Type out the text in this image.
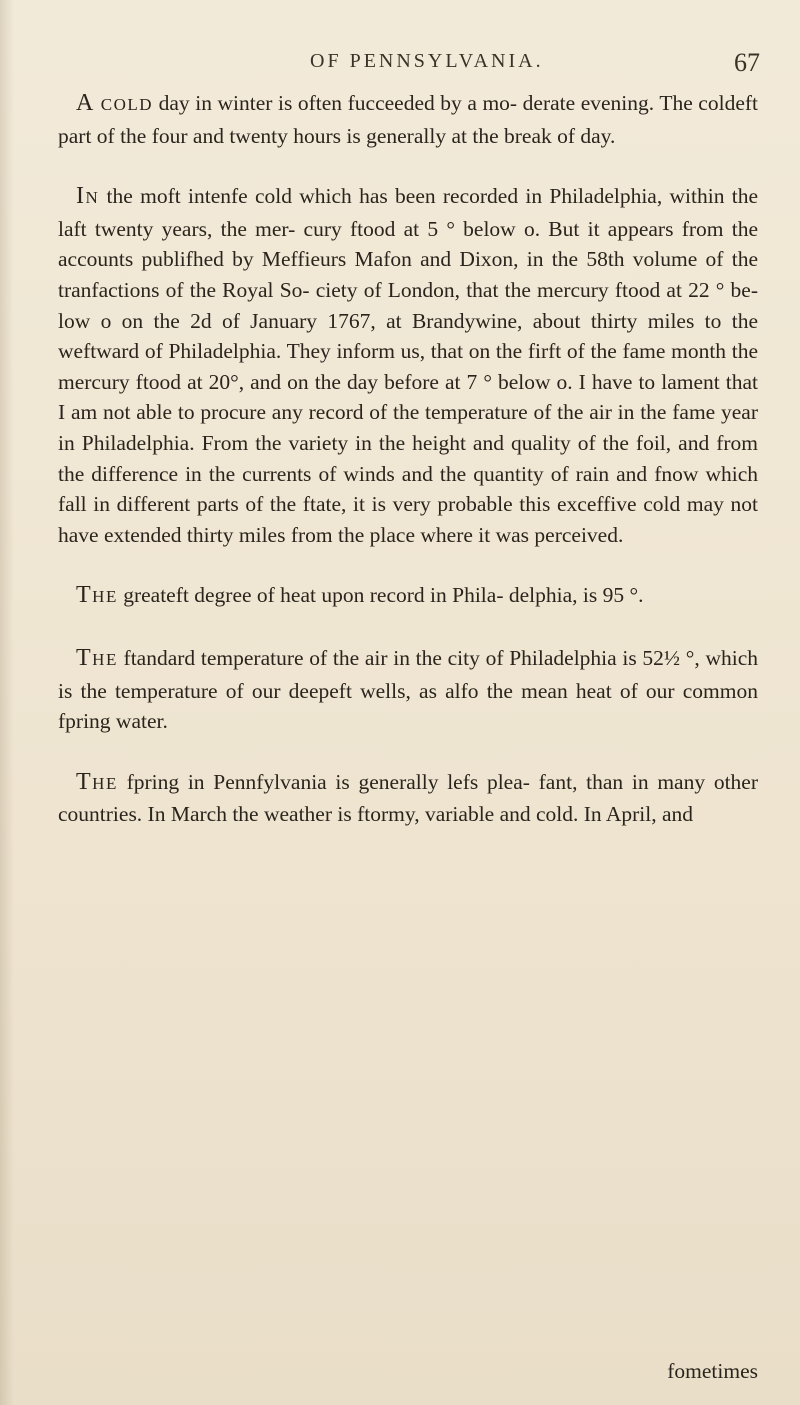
OF PENNSYLVANIA.	67

A COLD day in winter is often fucceeded by a mo- derate evening. The coldeft part of the four and twenty hours is generally at the break of day.

IN the moft intenfe cold which has been recorded in Philadelphia, within the laft twenty years, the mer- cury ftood at 5 ° below o. But it appears from the accounts publifhed by Meffieurs Mafon and Dixon, in the 58th volume of the tranfactions of the Royal So- ciety of London, that the mercury ftood at 22 ° be- low o on the 2d of January 1767, at Brandywine, about thirty miles to the weftward of Philadelphia. They inform us, that on the firft of the fame month the mercury ftood at 20°, and on the day before at 7 ° below o. I have to lament that I am not able to procure any record of the temperature of the air in the fame year in Philadelphia. From the variety in the height and quality of the foil, and from the difference in the currents of winds and the quantity of rain and fnow which fall in different parts of the ftate, it is very probable this exceffive cold may not have extended thirty miles from the place where it was perceived.

THE greateft degree of heat upon record in Phila- delphia, is 95 °.

THE ftandard temperature of the air in the city of Philadelphia is 52½ °, which is the temperature of our deepeft wells, as alfo the mean heat of our common fpring water.

THE fpring in Pennfylvania is generally lefs plea- fant, than in many other countries. In March the weather is ftormy, variable and cold. In April, and

fometimes
